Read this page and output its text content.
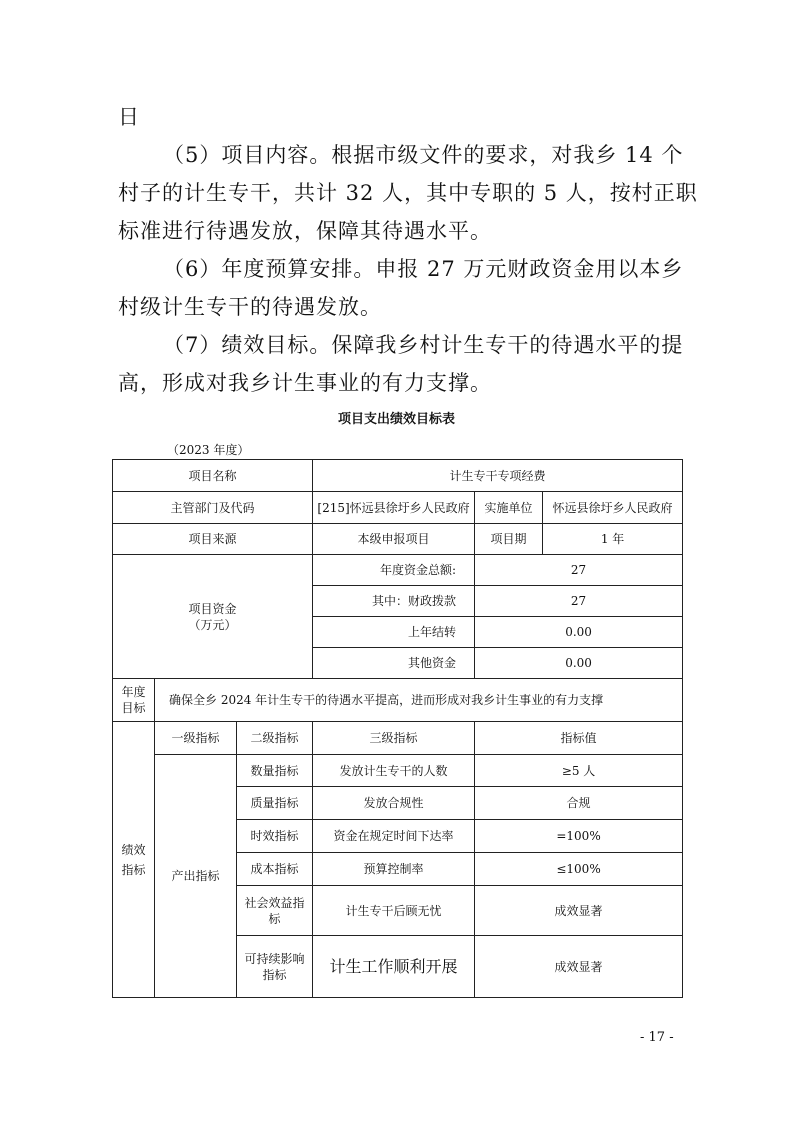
日
（5）项目内容。根据市级文件的要求，对我乡 14 个
村子的计生专干，共计 32 人，其中专职的 5 人，按村正职
标准进行待遇发放，保障其待遇水平。
（6）年度预算安排。申报 27 万元财政资金用以本乡
村级计生专干的待遇发放。
（7）绩效目标。保障我乡村计生专干的待遇水平的提
高，形成对我乡计生事业的有力支撑。
项目支出绩效目标表
（2023 年度）
项目名称			计生专干专项经费		
主管部门及代码			[215]怀远县徐圩乡人民政府	实施单位	怀远县徐圩乡人民政府
项目来源			本级申报项目	项目期	1 年

项目资金
（万元）			年度资金总额:	27	
			其中：财政拨款	27	
			上年结转	0.00	
			其他资金	0.00	
年度目标	确保全乡 2024 年计生专干的待遇水平提高，进而形成对我乡计生事业的有力支撑				
绩效指标	一级指标	二级指标	三级指标	指标值	
	产出指标	数量指标	发放计生专干的人数	≥5 人	
		质量指标	发放合规性	合规	
		时效指标	资金在规定时间下达率	=100%	
		成本指标	预算控制率	≤100%	
		社会效益指标	计生专干后顾无忧	成效显著	
		可持续影响指标	计生工作顺利开展	成效显著	
- 17 -
